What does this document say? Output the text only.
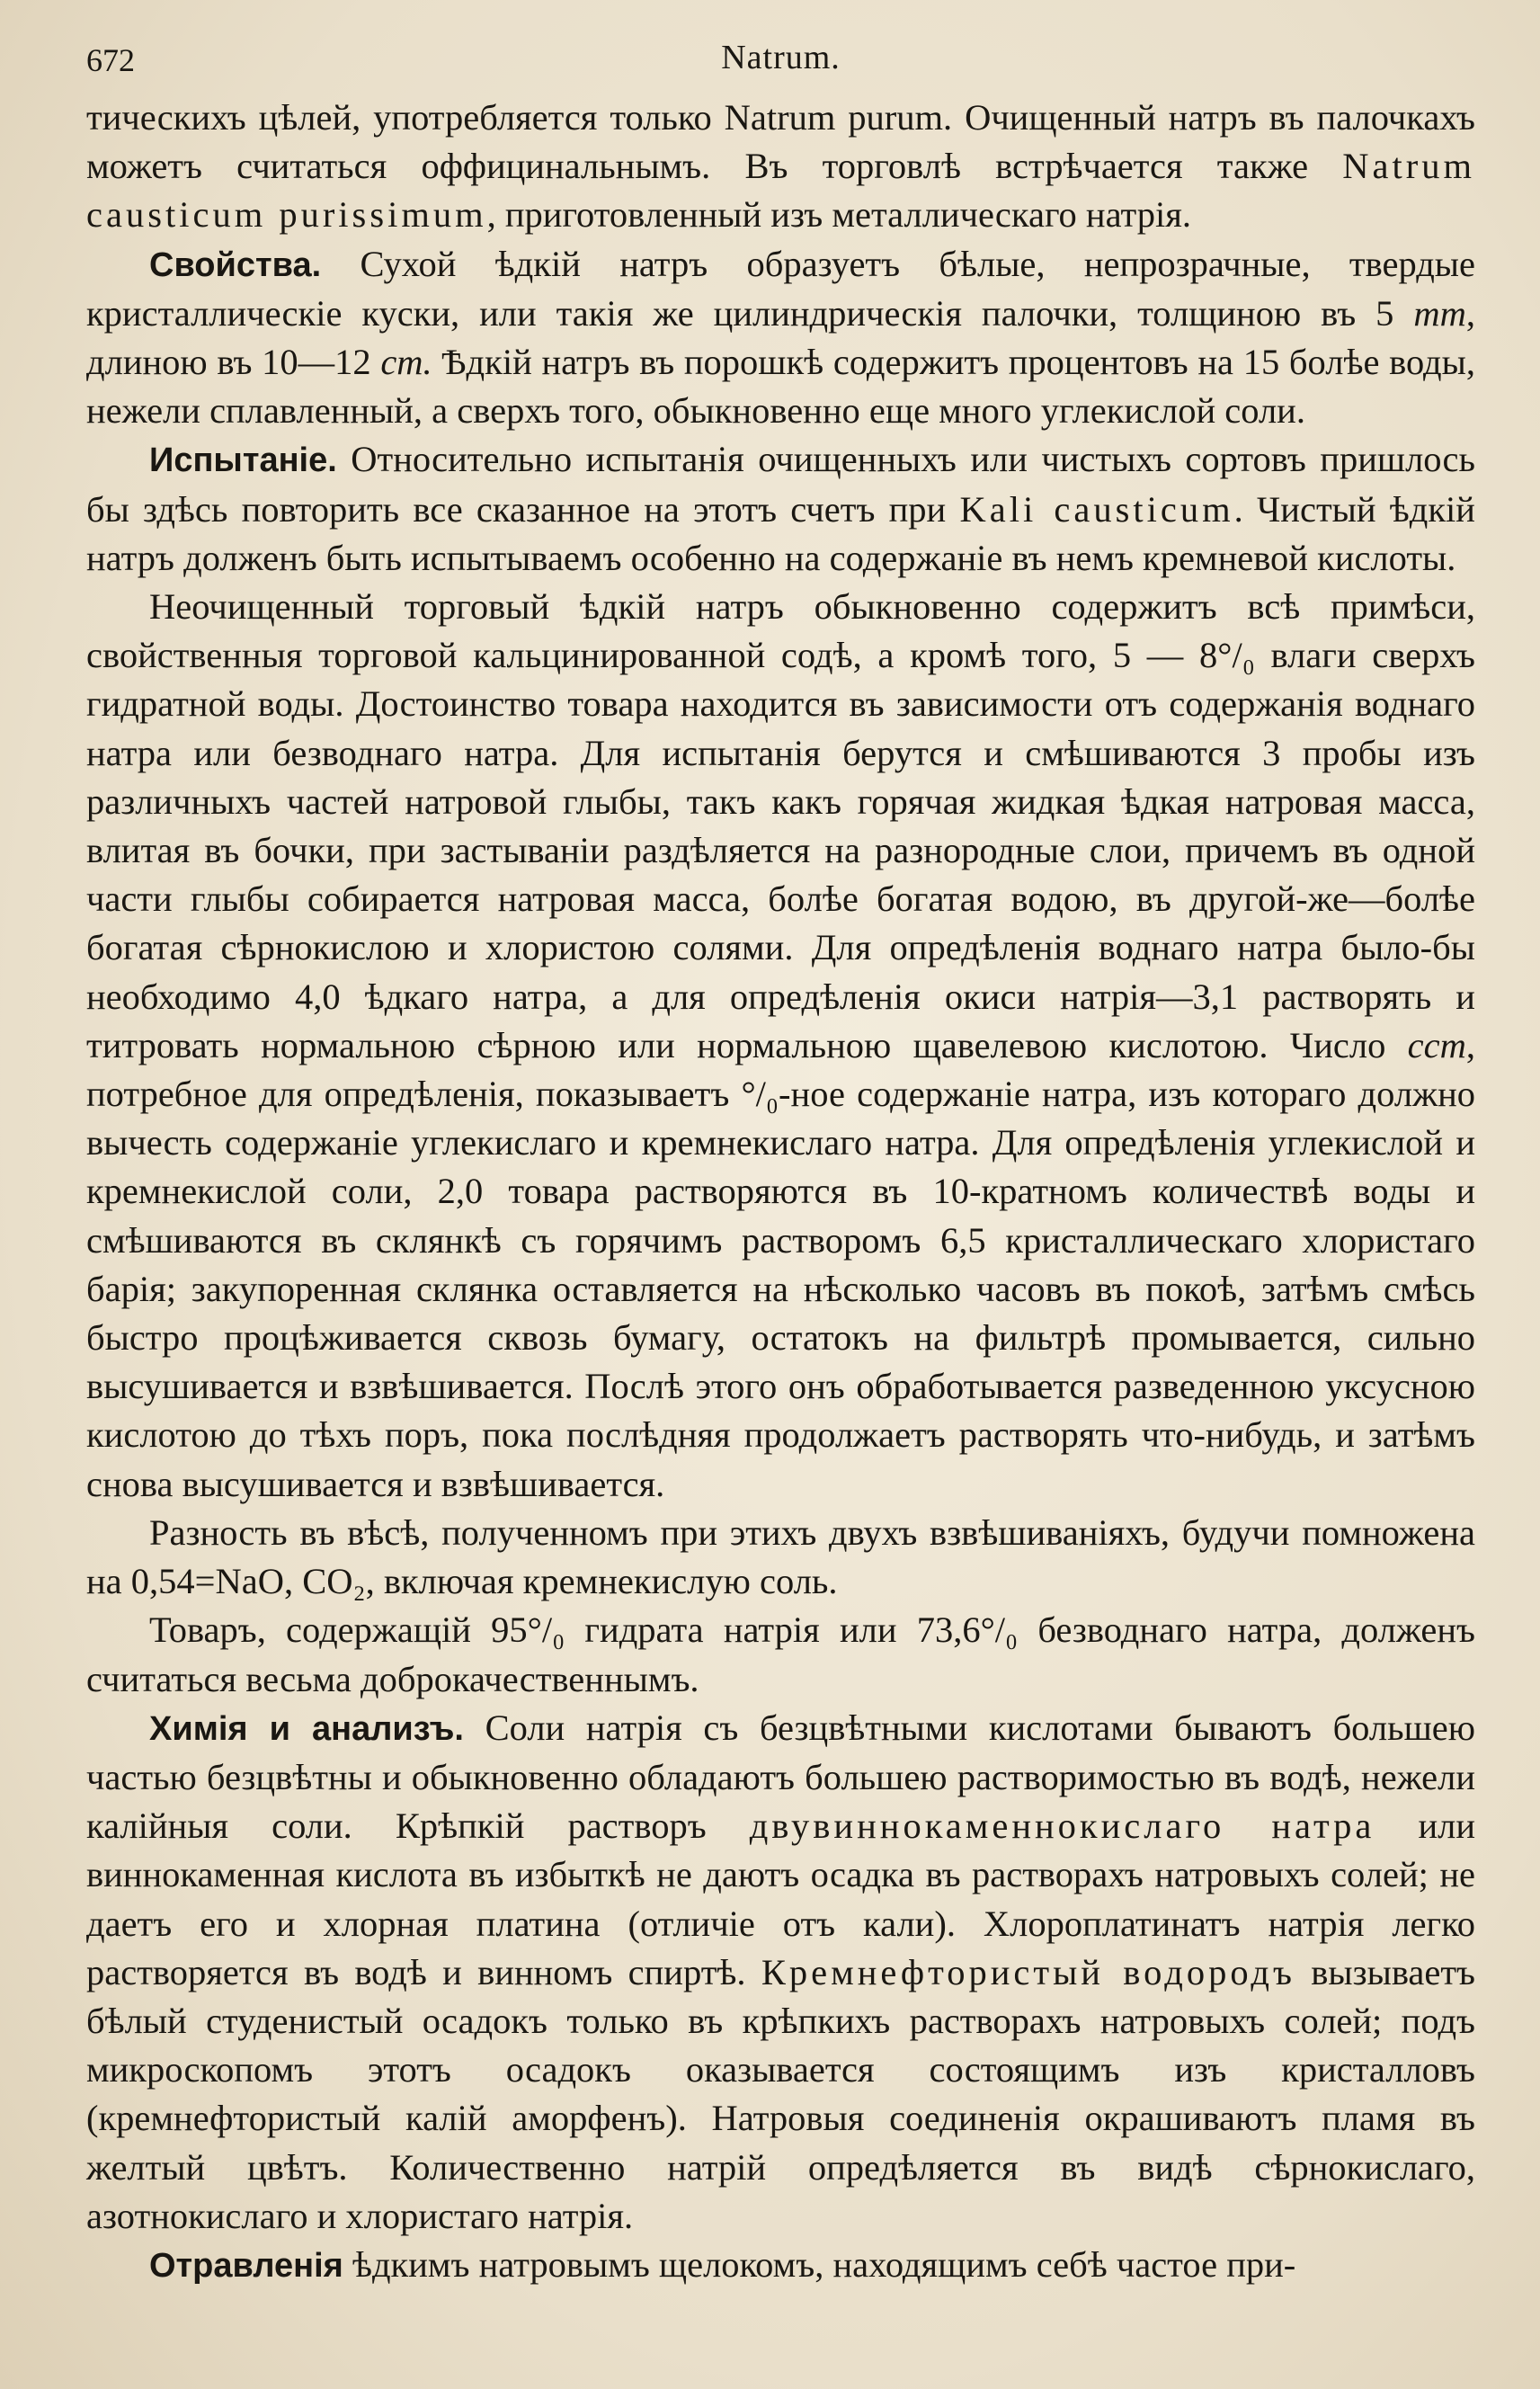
672	Natrum.

тическихъ цѣлей, употребляется только Natrum purum. Очищенный натръ въ палочкахъ можетъ считаться оффицинальнымъ. Въ торговлѣ встрѣчается также Natrum causticum purissimum, приготовленный изъ металлическаго натрія.

Свойства. Сухой ѣдкій натръ образуетъ бѣлые, непрозрачные, твердые кристаллическіе куски, или такія же цилиндрическія палочки, толщиною въ 5 mm, длиною въ 10—12 cm. Ѣдкій натръ въ порошкѣ содержитъ процентовъ на 15 болѣе воды, нежели сплавленный, а сверхъ того, обыкновенно еще много углекислой соли.

Испытаніе. Относительно испытанія очищенныхъ или чистыхъ сортовъ пришлось бы здѣсь повторить все сказанное на этотъ счетъ при Kali caustіcum. Чистый ѣдкій натръ долженъ быть испытываемъ особенно на содержаніе въ немъ кремневой кислоты.

Неочищенный торговый ѣдкій натръ обыкновенно содержитъ всѣ примѣси, свойственныя торговой кальцинированной содѣ, а кромѣ того, 5 — 8°/₀ влаги сверхъ гидратной воды. Достоинство товара находится въ зависимости отъ содержанія воднаго натра или безводнаго натра. Для испытанія берутся и смѣшиваются 3 пробы изъ различныхъ частей натровой глыбы, такъ какъ горячая жидкая ѣдкая натровая масса, влитая въ бочки, при застываніи раздѣляется на разнородные слои, причемъ въ одной части глыбы собирается натровая масса, болѣе богатая водою, въ другой-же—болѣе богатая сѣрнокислою и хлористою солями. Для опредѣленія воднаго натра было-бы необходимо 4,0 ѣдкаго натра, а для опредѣленія окиси натрія—3,1 растворять и титровать нормальною сѣрною или нормальною щавелевою кислотою. Число ccm, потребное для опредѣленія, показываетъ °/₀-ное содержаніе натра, изъ котораго должно вычесть содержаніе углекислаго и кремнекислаго натра. Для опредѣленія углекислой и кремнекислой соли, 2,0 товара растворяются въ 10-кратномъ количествѣ воды и смѣшиваются въ склянкѣ съ горячимъ растворомъ 6,5 кристаллическаго хлористаго барія; закупоренная склянка оставляется на нѣсколько часовъ въ покоѣ, затѣмъ смѣсь быстро процѣживается сквозь бумагу, остатокъ на фильтрѣ промывается, сильно высушивается и взвѣшивается. Послѣ этого онъ обработывается разведенною уксусною кислотою до тѣхъ поръ, пока послѣдняя продолжаетъ растворять что-нибудь, и затѣмъ снова высушивается и взвѣшивается.

Разность въ вѣсѣ, полученномъ при этихъ двухъ взвѣшиваніяхъ, будучи помножена на 0,54=NaO, CO₂, включая кремнекислую соль.

Товаръ, содержащій 95°/₀ гидрата натрія или 73,6°/₀ безводнаго натра, долженъ считаться весьма доброкачественнымъ.

Химія и анализъ. Соли натрія съ безцвѣтными кислотами бываютъ большею частью безцвѣтны и обыкновенно обладаютъ большею растворимостью въ водѣ, нежели калійныя соли. Крѣпкій растворъ двувиннокаменнокислаго натра или виннокаменная кислота въ избыткѣ не даютъ осадка въ растворахъ натровыхъ солей; не даетъ его и хлорная платина (отличіе отъ кали). Хлороплатинатъ натрія легко растворяется въ водѣ и винномъ спиртѣ. Кремнефтористый водородъ вызываетъ бѣлый студенистый осадокъ только въ крѣпкихъ растворахъ натровыхъ солей; подъ микроскопомъ этотъ осадокъ оказывается состоящимъ изъ кристалловъ (кремнефтористый калій аморфенъ). Натровыя соединенія окрашиваютъ пламя въ желтый цвѣтъ. Количественно натрій опредѣляется въ видѣ сѣрнокислаго, азотнокислаго и хлористаго натрія.

Отравленія ѣдкимъ натровымъ щелокомъ, находящимъ себѣ частое при-
